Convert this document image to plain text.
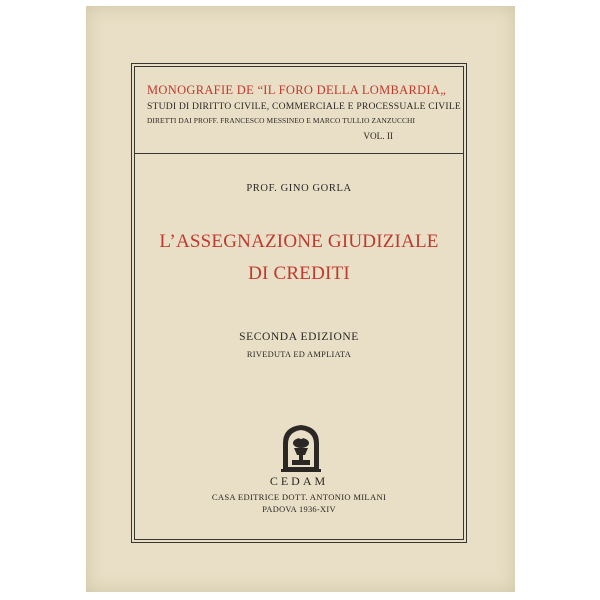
MONOGRAFIE DE “IL FORO DELLA LOMBARDIA„
STUDI DI DIRITTO CIVILE, COMMERCIALE E PROCESSUALE CIVILE
DIRETTI DAI PROFF. FRANCESCO MESSINEO E MARCO TULLIO ZANZUCCHI
VOL. II
PROF. GINO GORLA
L’ASSEGNAZIONE GIUDIZIALE
DI CREDITI
SECONDA EDIZIONE
RIVEDUTA ED AMPLIATA
CEDAM
CASA EDITRICE DOTT. ANTONIO MILANI
PADOVA 1936-XIV
